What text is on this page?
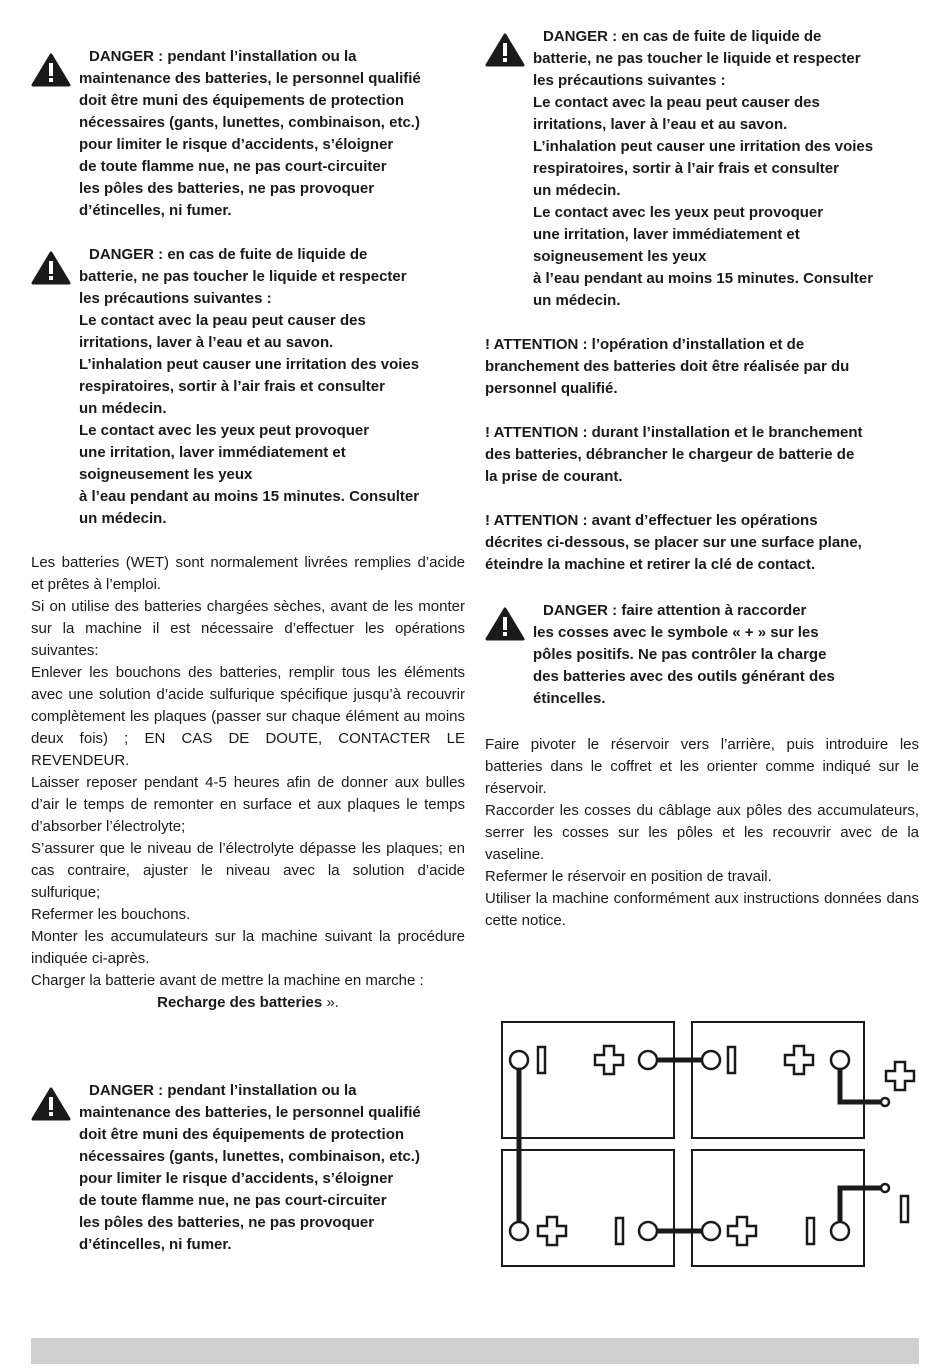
DANGER : pendant l’installation ou la
maintenance des batteries, le personnel qualifié
doit être muni des équipements de protection
nécessaires (gants, lunettes, combinaison, etc.)
pour limiter le risque d’accidents, s’éloigner
de toute flamme nue, ne pas court-circuiter
les pôles des batteries, ne pas provoquer
d’étincelles, ni fumer.
DANGER : en cas de fuite de liquide de
batterie, ne pas toucher le liquide et respecter
les précautions suivantes :
Le contact avec la peau peut causer des
irritations, laver à l’eau et au savon.
L’inhalation peut causer une irritation des voies
respiratoires, sortir à l’air frais et consulter
un médecin.
Le contact avec les yeux peut provoquer
une irritation, laver immédiatement et
soigneusement les yeux
à l’eau pendant au moins 15 minutes. Consulter
un médecin.

Les batteries (WET) sont normalement livrées remplies d’acide et prêtes à l’emploi.

Si on utilise des batteries chargées sèches, avant de les monter sur la machine il est nécessaire d’effectuer les opérations suivantes:

Enlever les bouchons des batteries, remplir tous les éléments avec une solution d’acide sulfurique spécifique jusqu’à recouvrir complètement les plaques (passer sur chaque élément au moins deux fois) ; EN CAS DE DOUTE, CONTACTER LE REVENDEUR.

Laisser reposer pendant 4-5 heures afin de donner aux bulles d’air le temps de remonter en surface et aux plaques le temps d’absorber l’électrolyte;

S’assurer que le niveau de l’électrolyte dépasse les plaques; en cas contraire, ajuster le niveau avec la solution d’acide sulfurique;

Refermer les bouchons.

Monter les accumulateurs sur la machine suivant la procédure indiquée ci-après.

Charger la batterie avant de mettre la machine en marche :

Recharge des batteries ».

DANGER : pendant l’installation ou la
maintenance des batteries, le personnel qualifié
doit être muni des équipements de protection
nécessaires (gants, lunettes, combinaison, etc.)
pour limiter le risque d’accidents, s’éloigner
de toute flamme nue, ne pas court-circuiter
les pôles des batteries, ne pas provoquer
d’étincelles, ni fumer.
DANGER : en cas de fuite de liquide de
batterie, ne pas toucher le liquide et respecter
les précautions suivantes :
Le contact avec la peau peut causer des
irritations, laver à l’eau et au savon.
L’inhalation peut causer une irritation des voies
respiratoires, sortir à l’air frais et consulter
un médecin.
Le contact avec les yeux peut provoquer
une irritation, laver immédiatement et
soigneusement les yeux
à l’eau pendant au moins 15 minutes. Consulter
un médecin.

! ATTENTION : l’opération d’installation et de
branchement des batteries doit être réalisée par du
personnel qualifié.

! ATTENTION : durant l’installation et le branchement
des batteries, débrancher le chargeur de batterie de
la prise de courant.

! ATTENTION : avant d’effectuer les opérations
décrites ci-dessous, se placer sur une surface plane,
éteindre la machine et retirer la clé de contact.

DANGER : faire attention à raccorder
les cosses avec le symbole « + » sur les
pôles positifs. Ne pas contrôler la charge
des batteries avec des outils générant des
étincelles.

Faire pivoter le réservoir vers l’arrière, puis introduire les batteries dans le coffret et les orienter comme indiqué sur le réservoir.

Raccorder les cosses du câblage aux pôles des accumulateurs, serrer les cosses sur les pôles et les recouvrir avec de la vaseline.

Refermer le réservoir en position de travail.

Utiliser la machine conformément aux instructions données dans cette notice.
